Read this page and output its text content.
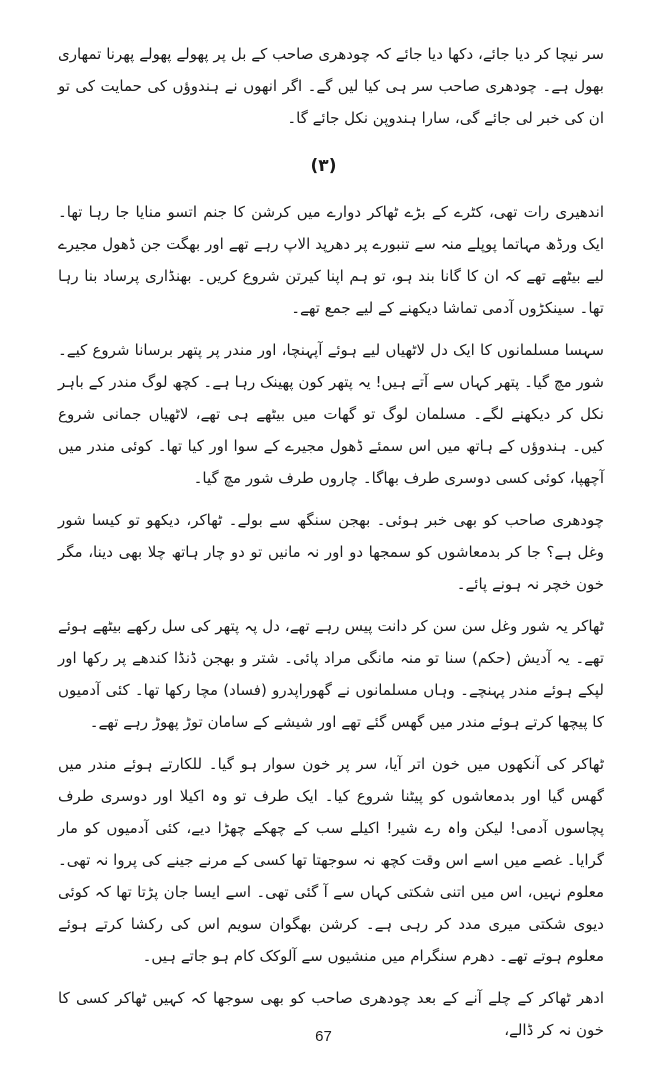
سر نیچا کر دیا جائے، دکھا دیا جائے کہ چودھری صاحب کے بل پر پھولے پھولے پھرنا تمھاری بھول ہے۔ چودھری صاحب سر ہی کیا لیں گے۔ اگر انھوں نے ہندوؤں کی حمایت کی تو ان کی خبر لی جائے گی، سارا ہندوپن نکل جائے گا۔

(۳)

اندھیری رات تھی، کٹرے کے بڑے ٹھاکر دوارے میں کرشن کا جنم اتسو منایا جا رہا تھا۔ ایک ورڈھ مہاتما پوپلے منہ سے تنبورے پر دھرپد الاپ رہے تھے اور بھگت جن ڈھول مجیرے لیے بیٹھے تھے کہ ان کا گانا بند ہو، تو ہم اپنا کیرتن شروع کریں۔ بھنڈاری پرساد بنا رہا تھا۔ سینکڑوں آدمی تماشا دیکھنے کے لیے جمع تھے۔

سہسا مسلمانوں کا ایک دل لاٹھیاں لیے ہوئے آپہنچا، اور مندر پر پتھر برسانا شروع کیے۔ شور مچ گیا۔ پتھر کہاں سے آتے ہیں! یہ پتھر کون پھینک رہا ہے۔ کچھ لوگ مندر کے باہر نکل کر دیکھنے لگے۔ مسلمان لوگ تو گھات میں بیٹھے ہی تھے، لاٹھیاں جمانی شروع کیں۔ ہندوؤں کے ہاتھ میں اس سمئے ڈھول مجیرے کے سوا اور کیا تھا۔ کوئی مندر میں آچھپا، کوئی کسی دوسری طرف بھاگا۔ چاروں طرف شور مچ گیا۔

چودھری صاحب کو بھی خبر ہوئی۔ بھجن سنگھ سے بولے۔ ٹھاکر، دیکھو تو کیسا شور وغل ہے؟ جا کر بدمعاشوں کو سمجھا دو اور نہ مانیں تو دو چار ہاتھ چلا بھی دینا، مگر خون خچر نہ ہونے پائے۔

ٹھاکر یہ شور وغل سن سن کر دانت پیس رہے تھے، دل پہ پتھر کی سل رکھے بیٹھے ہوئے تھے۔ یہ آدیش (حکم) سنا تو منہ مانگی مراد پائی۔ شتر و بھجن ڈنڈا کندھے پر رکھا اور لپکے ہوئے مندر پہنچے۔ وہاں مسلمانوں نے گھوراپدرو (فساد) مچا رکھا تھا۔ کئی آدمیوں کا پیچھا کرتے ہوئے مندر میں گھس گئے تھے اور شیشے کے سامان توڑ پھوڑ رہے تھے۔

ٹھاکر کی آنکھوں میں خون اتر آیا، سر پر خون سوار ہو گیا۔ للکارتے ہوئے مندر میں گھس گیا اور بدمعاشوں کو پیٹنا شروع کیا۔ ایک طرف تو وہ اکیلا اور دوسری طرف پچاسوں آدمی! لیکن واہ رے شیر! اکیلے سب کے چھکے چھڑا دیے، کئی آدمیوں کو مار گرایا۔ غصے میں اسے اس وقت کچھ نہ سوجھتا تھا کسی کے مرنے جینے کی پروا نہ تھی۔ معلوم نہیں، اس میں اتنی شکتی کہاں سے آ گئی تھی۔ اسے ایسا جان پڑتا تھا کہ کوئی دیوی شکتی میری مدد کر رہی ہے۔ کرشن بھگوان سویم اس کی رکشا کرتے ہوئے معلوم ہوتے تھے۔ دھرم سنگرام میں منشیوں سے آلوکک کام ہو جاتے ہیں۔

ادھر ٹھاکر کے چلے آنے کے بعد چودھری صاحب کو بھی سوجھا کہ کہیں ٹھاکر کسی کا خون نہ کر ڈالے،

67
